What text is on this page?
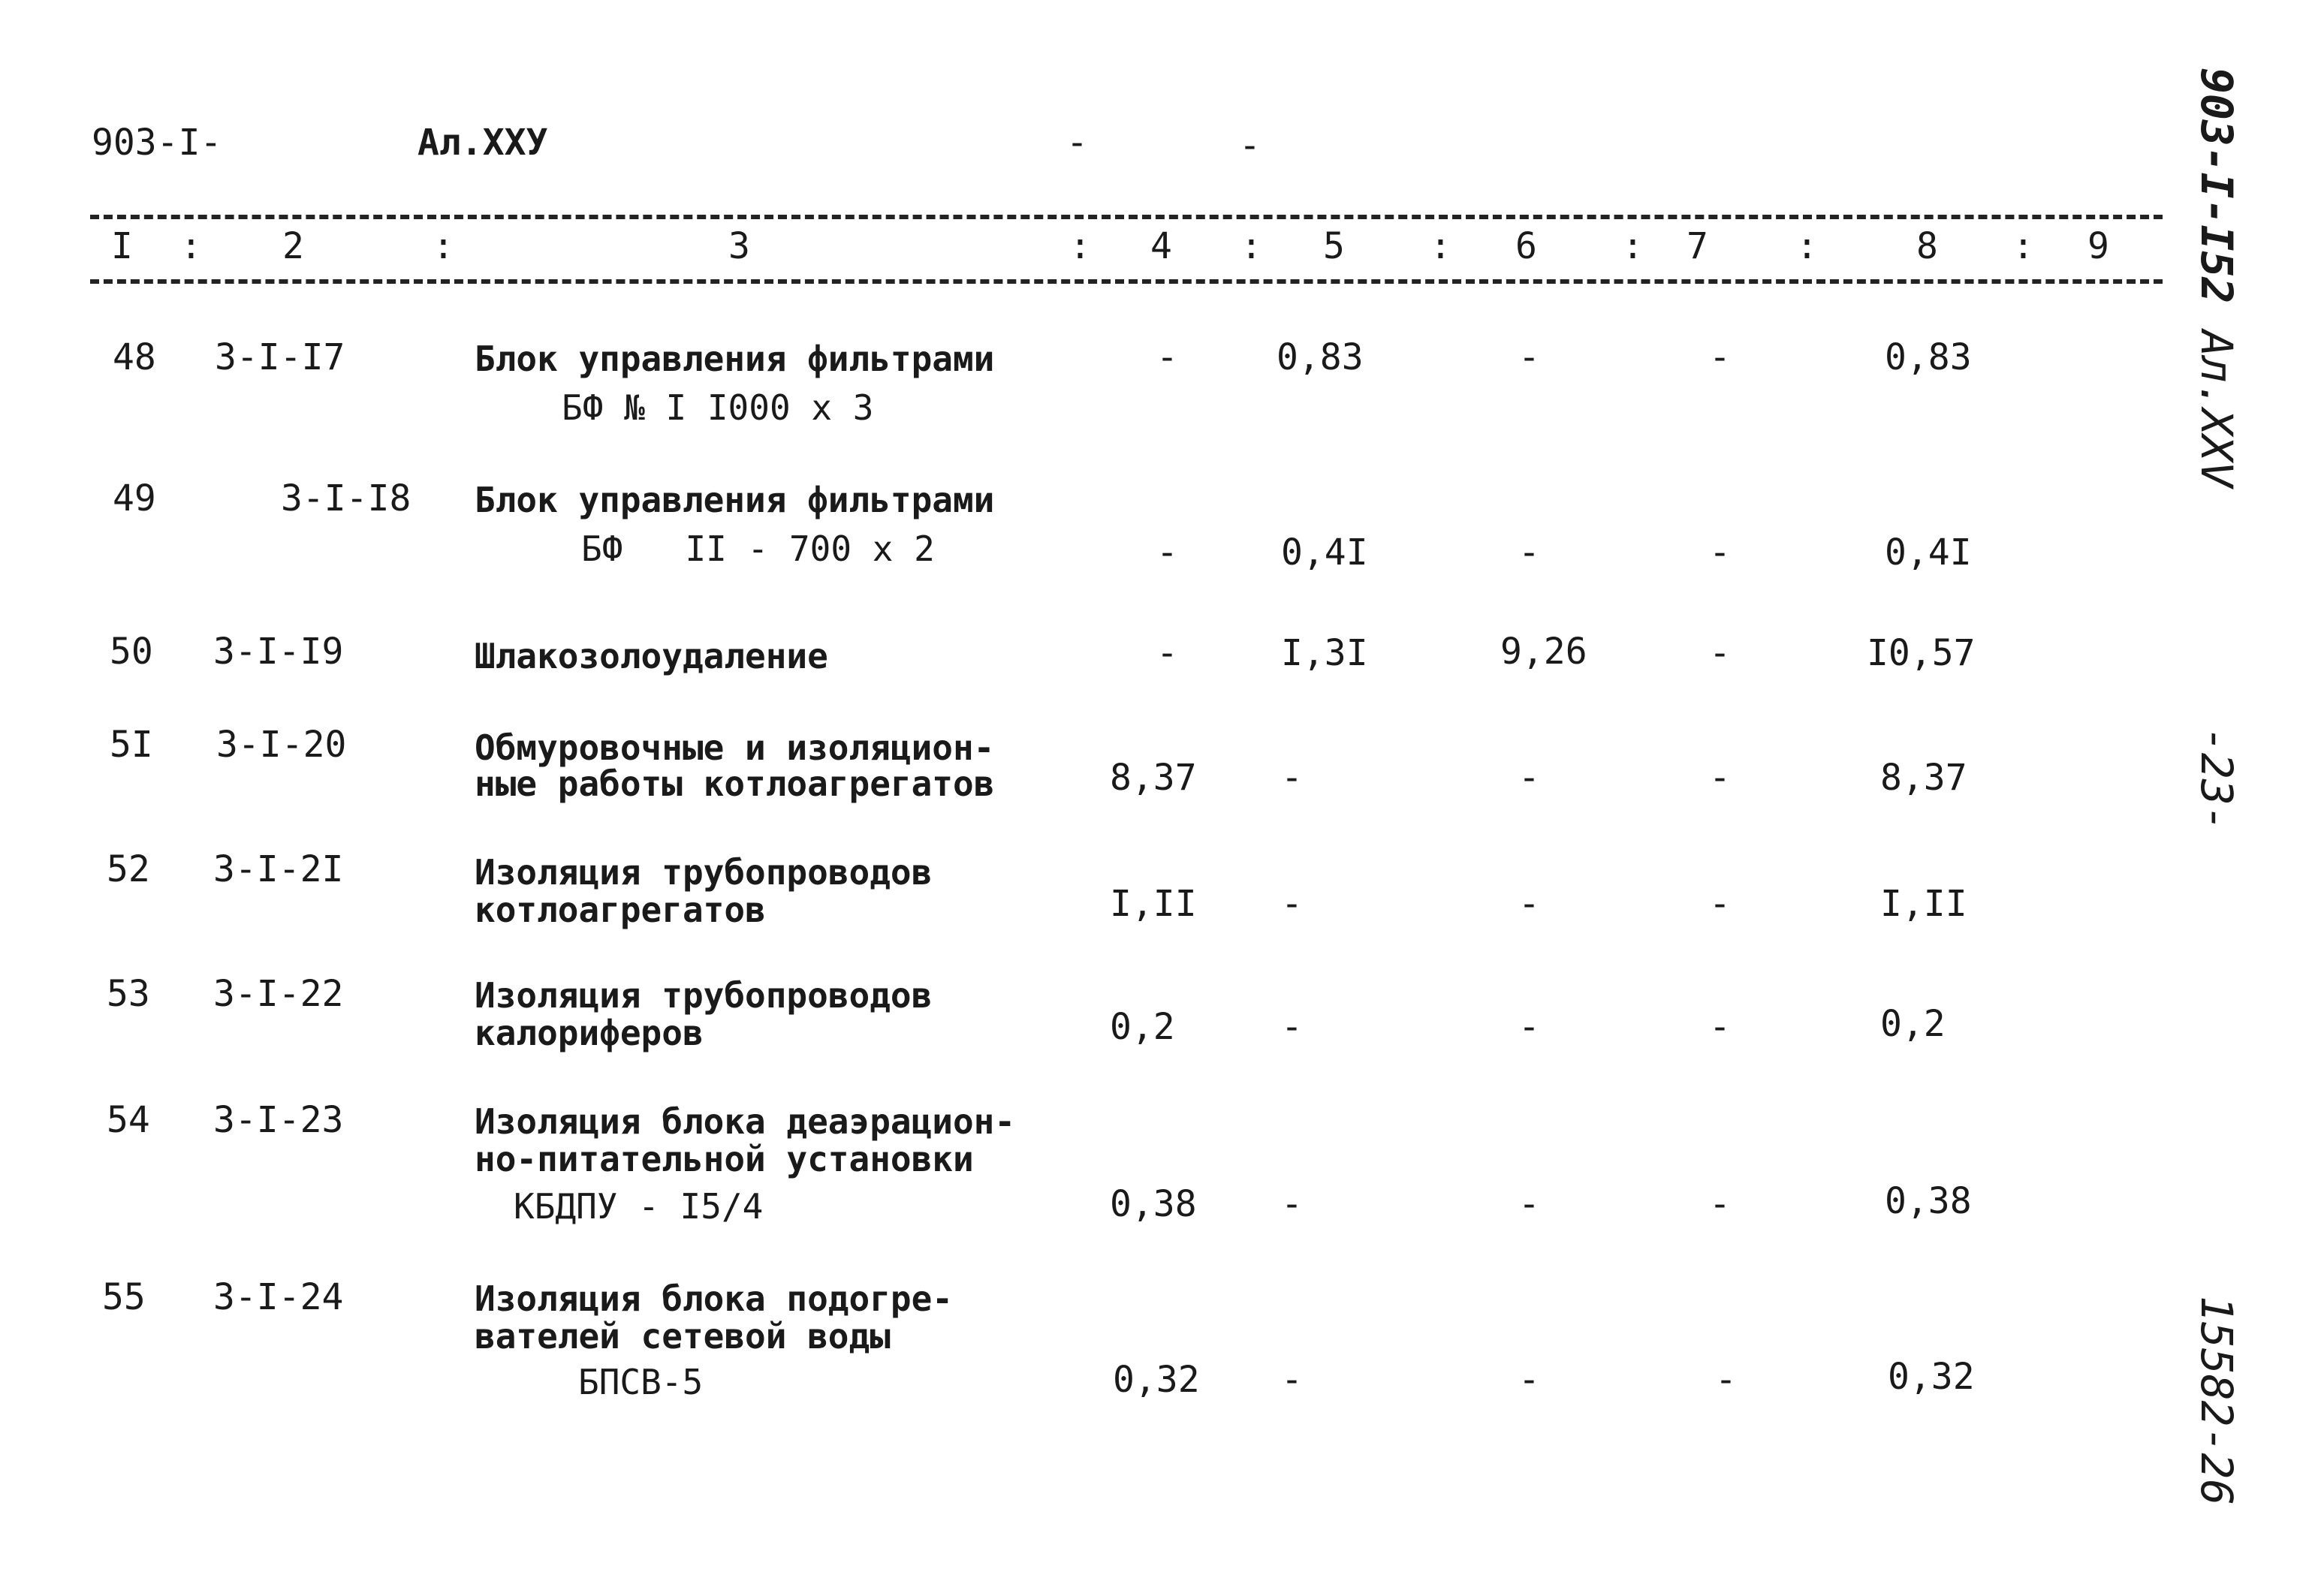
903-I-	Ал.XXУ	-	-
I	2	3	4	5	6	7	8	9
:	:	:	:	:	:	:	:
48 3-I-I7	Блок управления фильтрами
БФ № I I000 х 3
-	0,83	-	-	0,83
49	3-I-I8 Блок управления фильтрами
БФ   II - 700 х 2	-	0,4I	-	-	0,4I
50 3-I-I9	Шлакозолоудаление	-	I,3I	9,26	-	I0,57
5I 3-I-20	Обмуровочные и изоляцион-
ные работы котлоагрегатов	8,37 -	-	-	8,37
52 3-I-2I	Изоляция трубопроводов
котлоагрегатов	I,II -	-	-	I,II
53 3-I-22	Изоляция трубопроводов
калориферов	0,2	-	-	-	0,2
54 3-I-23	Изоляция блока деаэрацион-
но-питательной установки
КБДПУ - I5/4	0,38 -	-	-	0,38
55 3-I-24	Изоляция блока подогре-
вателей сетевой воды
БПСВ-5	0,32 -	-	-	0,32
903-I-I52
Ал.XXV
-23-
15582-26
